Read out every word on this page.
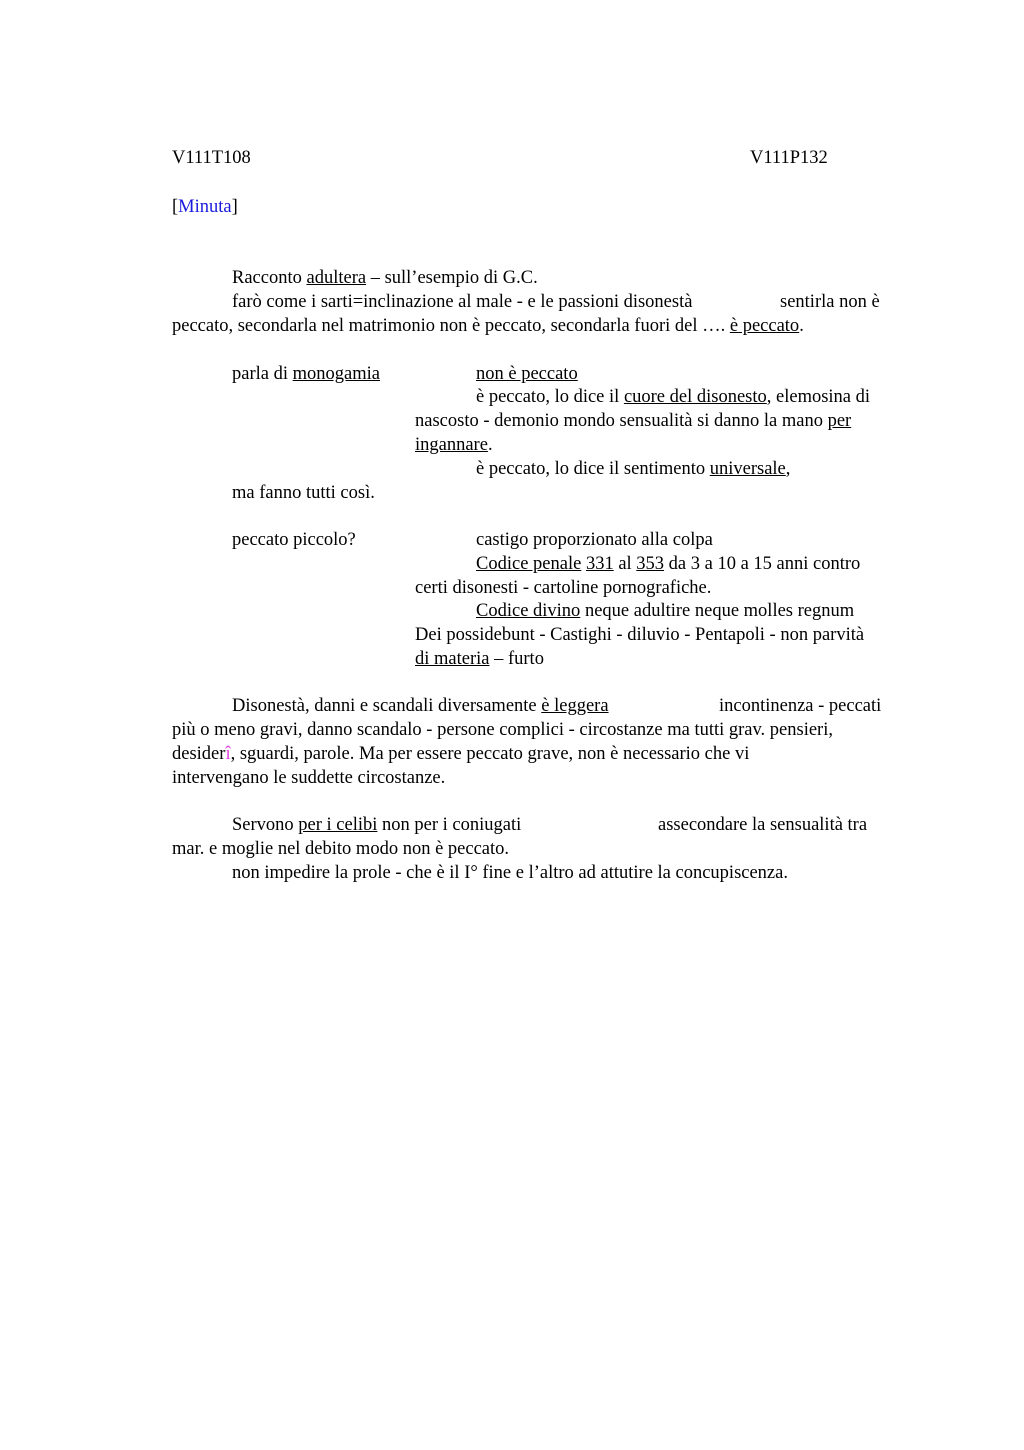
V111T108	V111P132
[Minuta]
Racconto adultera – sull’esempio di G.C.
farò come i sarti=inclinazione al male - e le passioni disonestà	sentirla non è
peccato, secondarla nel matrimonio non è peccato, secondarla fuori del …. è peccato.
parla di monogamia	non è peccato
è peccato, lo dice il cuore del disonesto, elemosina di
nascosto - demonio mondo sensualità si danno la mano per
ingannare.
è peccato, lo dice il sentimento universale,
ma fanno tutti così.
peccato piccolo?	castigo proporzionato alla colpa
Codice penale 331 al 353 da 3 a 10 a 15 anni contro
certi disonesti - cartoline pornografiche.
Codice divino neque adultire neque molles regnum
Dei possidebunt - Castighi - diluvio - Pentapoli - non parvità
di materia – furto
Disonestà, danni e scandali diversamente è leggera	incontinenza - peccati
più o meno gravi, danno scandalo - persone complici - circostanze ma tutti grav. pensieri,
desiderî, sguardi, parole. Ma per essere peccato grave, non è necessario che vi
intervengano le suddette circostanze.
Servono per i celibi non per i coniugati	assecondare la sensualità tra
mar. e moglie nel debito modo non è peccato.
non impedire la prole - che è il I° fine e l’altro ad attutire la concupiscenza.
